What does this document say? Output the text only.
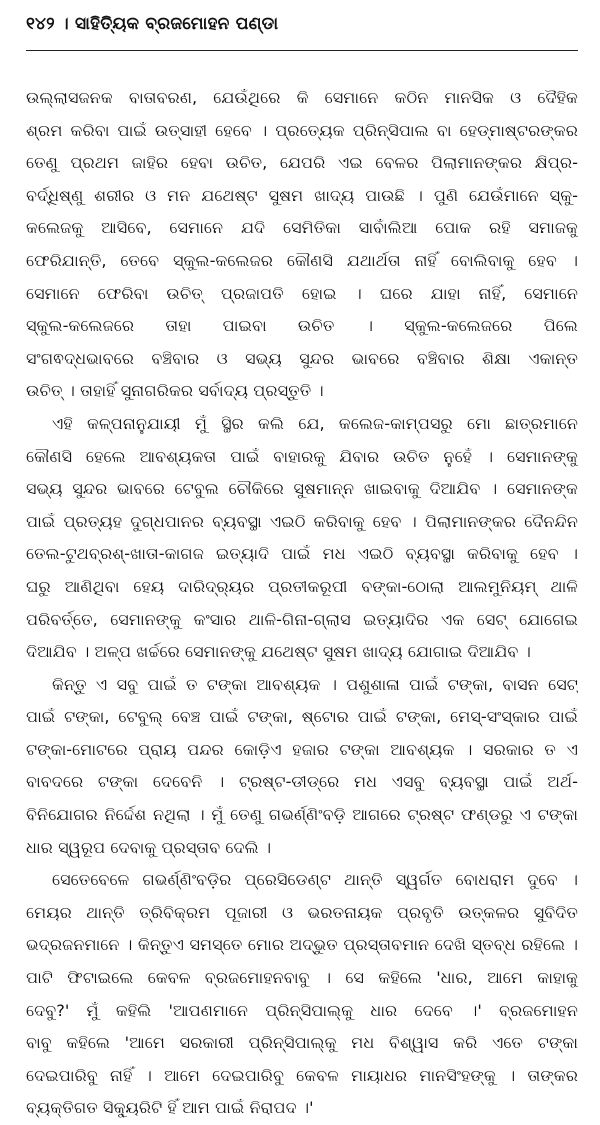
୧୪୨ । ସାହିତ୍ୟିକ ବ୍ରଜମୋହନ ପଣ୍ଡା
ଉଲ୍ଲାସଜନକ ବାତାବରଣ, ଯେଉଁଥିରେ କି ସେମାନେ କଠିନ ମାନସିକ ଓ ଦୈହିକ
ଶ୍ରମ କରିବା ପାଇଁ ଉତ୍ସାହୀ ହେବେ । ପ୍ରତ୍ୟେକ ପ୍ରିନ୍ସିପାଲ ବା ହେଡ୍‌ମାଷ୍ଟରଙ୍କର
ତେଣୁ ପ୍ରଥମ ଜାହିର ହେବା ଉଚିତ, ଯେପରି ଏଇ ବେଳର ପିଲାମାନଙ୍କର କ୍ଷିପ୍ର-
ବର୍ଦ୍ଧିଷ୍ଣୁ ଶରୀର ଓ ମନ ଯଥେଷ୍ଟ ସୁଷମ ଖାଦ୍ୟ ପାଉଛି । ପୁଣି ଯେଉଁମାନେ ସ୍କୁ-
କଲେଜକୁ ଆସିବେ, ସେମାନେ ଯଦି ସେମିତିକା ସାବାଁଲିଆ ପୋକ ରହି ସମାଜକୁ
ଫେରିଯାନ୍ତି, ତେବେ ସ୍କୁଲ-କଲେଜର କୌଣସି ଯଥାର୍ଥତା ନାହିଁ ବୋଲିବାକୁ ହେବ ।
ସେମାନେ ଫେରିବା ଉଚିତ୍ ପ୍ରଜାପତି ହୋଇ । ଘରେ ଯାହା ନାହିଁ, ସେମାନେ
ସ୍କୁଲ-କଲେଜରେ ତାହା ପାଇବା ଉଚିତ । ସ୍କୁଲ-କଲେଜରେ ପିଲେ
ସଂଗଵଦ୍ଧଭାବରେ ବଞ୍ଚିବାର ଓ ସଭ୍ୟ ସୁନ୍ଦର ଭାବରେ ବଞ୍ଚିବାର ଶିକ୍ଷା ଏକାନ୍ତ
ଉଚିତ୍ । ତାହାହିଁ ସୁନାଗରିକର ସର୍ବାଦ୍ୟ ପ୍ରସ୍ତୁତି ।
ଏହି କଳ୍ପନାନୁଯାୟୀ ମୁଁ ସ୍ଥିର କଲି ଯେ, କଲେଜ-କାମ୍ପସରୁ ମୋ ଛାତ୍ରମାନେ
କୌଣସି ହେଲେ ଆବଶ୍ୟକତା ପାଇଁ ବାହାରକୁ ଯିବାର ଉଚିତ ନୁହେଁ । ସେମାନଙ୍କୁ
ସଭ୍ୟ ସୁନ୍ଦର ଭାବରେ ଟେବୁଲ ଚୌକିରେ ସୁଷମାନ୍ନ ଖାଇବାକୁ ଦିଆଯିବ । ସେମାନଙ୍କ
ପାଇଁ ପ୍ରତ୍ୟହ ଦୁଗ୍ଧପାନର ବ୍ୟବସ୍ଥା ଏଇଠି କରିବାକୁ ହେବ । ପିଲାମାନଙ୍କର ଦୈନନ୍ଦିନ
ତେଲ-ଟୁଥବ୍ରଶ୍-ଖାତା-କାଗଜ ଇତ୍ୟାଦି ପାଇଁ ମଧ ଏଇଠି ବ୍ୟବସ୍ଥା କରିବାକୁ ହେବ ।
ଘରୁ ଆଣିଥିବା ହେୟ ଦାରିଦ୍ର୍ୟର ପ୍ରତୀକରୂପୀ ବଙ୍କା-ଠୋଲା ଆଲମୁନିୟମ୍ ଥାଳି
ପରିବର୍ତ୍ତେ, ସେମାନଙ୍କୁ କଂସାର ଥାଳି-ଗିନା-ଗ୍ଲାସ ଇତ୍ୟାଦିର ଏକ ସେଟ୍ ଯୋଗେଇ
ଦିଆଯିବ । ଅଳ୍ପ ଖର୍ଚ୍ଚରେ ସେମାନଙ୍କୁ ଯଥେଷ୍ଟ ସୁଷମ ଖାଦ୍ୟ ଯୋଗାଇ ଦିଆଯିବ ।
କିନ୍ତୁ ଏ ସବୁ ପାଇଁ ତ ଟଙ୍କା ଆବଶ୍ୟକ । ପଶୁଶାଳା ପାଇଁ ଟଙ୍କା, ବାସନ ସେଟ୍
ପାଇଁ ଟଙ୍କା, ଟେବୁଲ୍ ବେଞ୍ଚ ପାଇଁ ଟଙ୍କା, ଷ୍ଟୋର ପାଇଁ ଟଙ୍କା, ମେସ୍-ସଂସ୍କାର ପାଇଁ
ଟଙ୍କା-ମୋଟରେ ପ୍ରାୟ ପନ୍ଦର କୋଡ଼ିଏ ହଜାର ଟଙ୍କା ଆବଶ୍ୟକ । ସରକାର ତ ଏ
ବାବଦରେ ଟଙ୍କା ଦେବେନି । ଟ୍ରଷ୍ଟ-ଡୀଡ୍‌ରେ ମଧ ଏସବୁ ବ୍ୟବସ୍ଥା ପାଇଁ ଅର୍ଥ-
ବିନିଯୋଗର ନିର୍ଦ୍ଦେଶ ନଥିଲା । ମୁଁ ତେଣୁ ଗଭର୍ଣ୍ଣିଂବଡ଼ି ଆଗରେ ଟ୍ରଷ୍ଟ ଫଣ୍ଡରୁ ଏ ଟଙ୍କା
ଧାର ସ୍ୱରୂପ ଦେବାକୁ ପ୍ରସ୍ତାବ ଦେଲି ।
ସେତେବେଳେ ଗଭର୍ଣ୍ଣିଂବଡ଼ିର ପ୍ରେସିଡେଣ୍ଟ ଥାନ୍ତି ସ୍ୱର୍ଗତ ବୋଧରାମ ଦୁବେ ।
ମେୟର ଥାନ୍ତି ତ୍ରିବିକ୍ରମ ପୂଜାରୀ ଓ ଭରତନାୟକ ପ୍ରବୃତି ଉତ୍କଳର ସୁବିଦିତ
ଭଦ୍ରଜନମାନେ । କିନ୍ତୁଏ ସମସ୍ତେ ମୋର ଅଦ୍ଭୁତ ପ୍ରସ୍ତାବମାନ ଦେଖି ସ୍ତବ୍ଧ ରହିଲେ ।
ପାଟି ଫିଟାଇଲେ କେବଳ ବ୍ରଜମୋହନବାବୁ । ସେ କହିଲେ 'ଧାର, ଆମେ କାହାକୁ
ଦେବୁ?' ମୁଁ କହିଲି 'ଆପଣମାନେ ପ୍ରିନ୍ସିପାଲ୍‌କୁ ଧାର ଦେବେ ।' ବ୍ରଜମୋହନ
ବାବୁ କହିଲେ 'ଆମେ ସରକାରୀ ପ୍ରିନ୍ସିପାଲ୍‌କୁ ମଧ ବିଶ୍ୱାସ କରି ଏତେ ଟଙ୍କା
ଦେଇପାରିବୁ ନାହିଁ । ଆମେ ଦେଇପାରିବୁ କେବଳ ମାୟାଧର ମାନସିଂହଙ୍କୁ । ତାଙ୍କର
ବ୍ୟକ୍ତିଗତ ସିକ୍ୟୁରିଟି ହିଁ ଆମ ପାଇଁ ନିରାପଦ ।'
